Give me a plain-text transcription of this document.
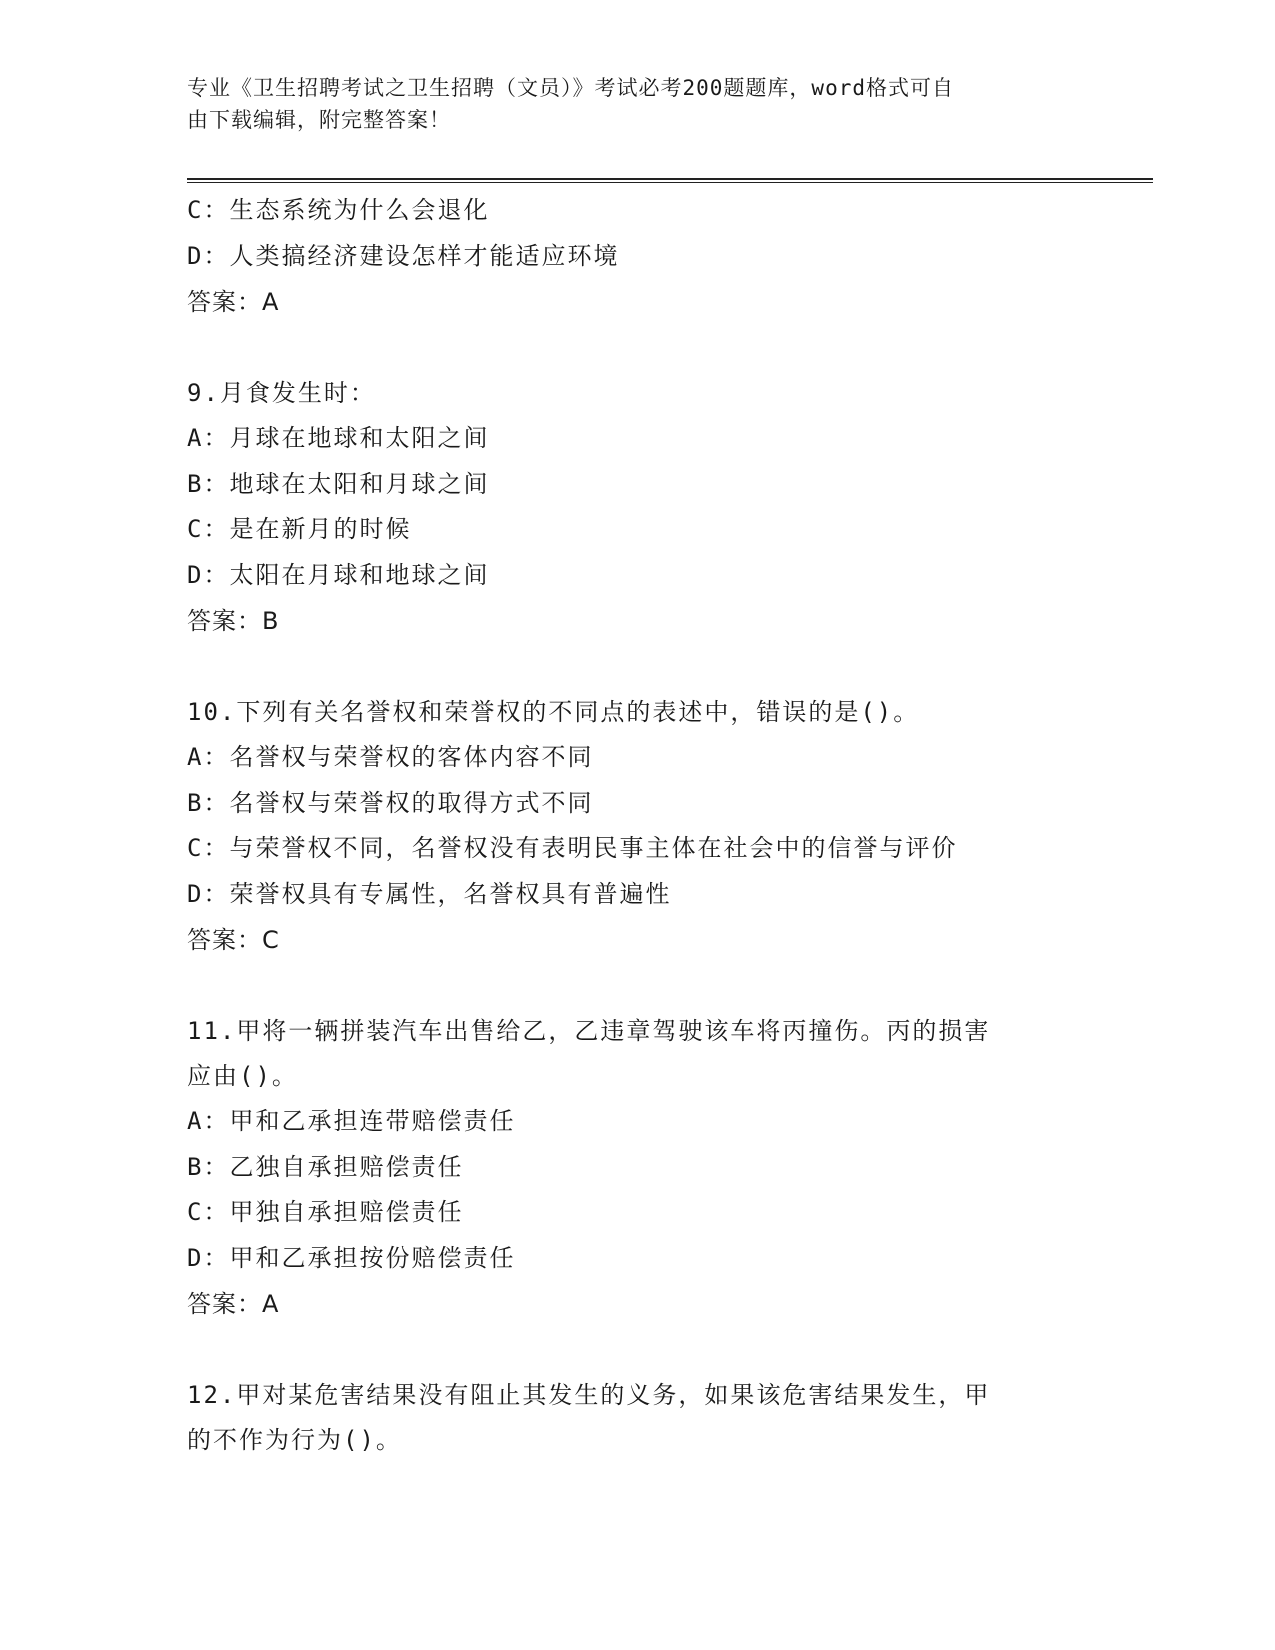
专业《卫生招聘考试之卫生招聘（文员）》考试必考200题题库，word格式可自
由下载编辑，附完整答案！
C：生态系统为什么会退化
D：人类搞经济建设怎样才能适应环境
答案：A
9.月食发生时：
A：月球在地球和太阳之间
B：地球在太阳和月球之间
C：是在新月的时候
D：太阳在月球和地球之间
答案：B
10.下列有关名誉权和荣誉权的不同点的表述中，错误的是()。
A：名誉权与荣誉权的客体内容不同
B：名誉权与荣誉权的取得方式不同
C：与荣誉权不同，名誉权没有表明民事主体在社会中的信誉与评价
D：荣誉权具有专属性，名誉权具有普遍性
答案：C
11.甲将一辆拼装汽车出售给乙，乙违章驾驶该车将丙撞伤。丙的损害
应由()。
A：甲和乙承担连带赔偿责任
B：乙独自承担赔偿责任
C：甲独自承担赔偿责任
D：甲和乙承担按份赔偿责任
答案：A
12.甲对某危害结果没有阻止其发生的义务，如果该危害结果发生，甲
的不作为行为()。
